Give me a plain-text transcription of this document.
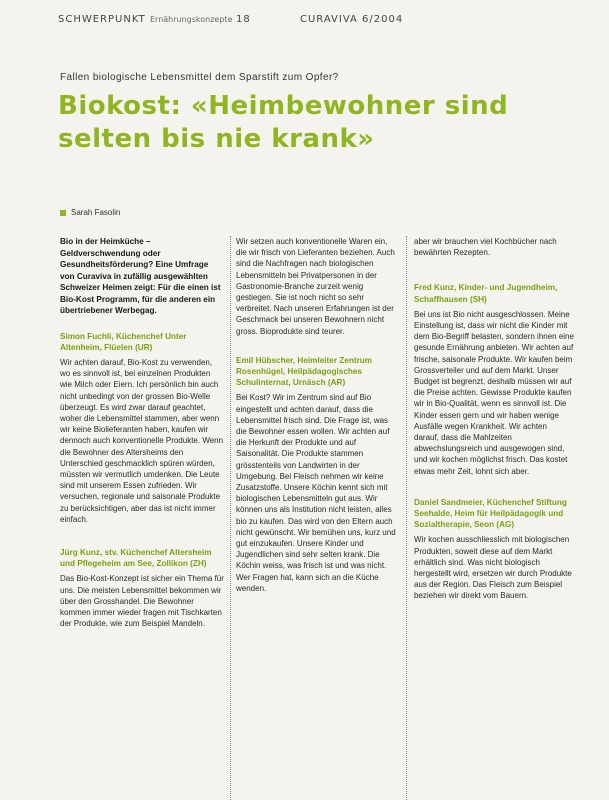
SCHWERPUNKT Ernährungskonzepte 18	CURAVIVA 6/2004
Fallen biologische Lebensmittel dem Sparstift zum Opfer?
Biokost: «Heimbewohner sind
selten bis nie krank»
Sarah Fasolin
Bio in der Heimküche – Geldverschwendung oder Gesundheitsförderung? Eine Umfrage von Curaviva in zufällig ausgewählten Schweizer Heimen zeigt: Für die einen ist Bio-Kost Programm, für die anderen ein übertriebener Werbegag.
Simon Fuchli, Küchenchef Unter Altenheim, Flüelen (UR)

Wir achten darauf, Bio-Kost zu verwenden, wo es sinnvoll ist, bei einzelnen Produkten wie Milch oder Eiern. Ich persönlich bin auch nicht unbedingt von der grossen Bio-Welle überzeugt. Es wird zwar darauf geachtet, woher die Lebensmittel stammen, aber wenn wir keine Biolieferanten haben, kaufen wir dennoch auch konventionelle Produkte. Wenn die Bewohner des Altersheims den Unterschied geschmacklich spüren würden, müssten wir vermutlich umdenken. Die Leute sind mit unserem Essen zufrieden. Wir versuchen, regionale und saisonale Produkte zu berücksichtigen, aber das ist nicht immer einfach.

Jürg Kunz, stv. Küchenchef Altersheim und Pflegeheim am See, Zollikon (ZH)

Das Bio-Kost-Konzept ist sicher ein Thema für uns. Die meisten Lebensmittel bekommen wir über den Grosshandel. Die Bewohner kommen immer wieder fragen mit Tischkarten der Produkte, wie zum Beispiel Mandeln.

Wir setzen auch konventionelle Waren ein, die wir frisch von Lieferanten beziehen. Auch sind die Nachfragen nach biologischen Lebensmitteln bei Privatpersonen in der Gastronomie-Branche zurzeit wenig gestiegen. Sie ist noch nicht so sehr verbreitet. Nach unseren Erfahrungen ist der Geschmack bei unseren Bewohnern nicht gross. Bioprodukte sind teurer.

Emil Hübscher, Heimleiter Zentrum Rosenhügel, Heilpädagogisches Schulinternat, Urnäsch (AR)

Bei Kost? Wir im Zentrum sind auf Bio eingestellt und achten darauf, dass die Lebensmittel frisch sind. Die Frage ist, was die Bewohner essen wollen. Wir achten auf die Herkunft der Produkte und auf Saisonalität. Die Produkte stammen grösstenteils von Landwirten in der Umgebung. Bei Fleisch nehmen wir keine Zusatzstoffe. Unsere Köchin kennt sich mit biologischen Lebensmitteln gut aus. Wir können uns als Institution nicht leisten, alles bio zu kaufen. Das wird von den Eltern auch nicht gewünscht. Wir bemühen uns, kurz und gut einzukaufen. Unsere Kinder und Jugendlichen sind sehr selten krank. Die Köchin weiss, was frisch ist und was nicht. Wer Fragen hat, kann sich an die Küche wenden.

aber wir brauchen viel Kochbücher nach bewährten Rezepten.

Fred Kunz, Kinder- und Jugendheim, Schaffhausen (SH)

Bei uns ist Bio nicht ausgeschlossen. Meine Einstellung ist, dass wir nicht die Kinder mit dem Bio-Begriff belasten, sondern ihnen eine gesunde Ernährung anbieten. Wir achten auf frische, saisonale Produkte. Wir kaufen beim Grossverteiler und auf dem Markt. Unser Budget ist begrenzt, deshalb müssen wir auf die Preise achten. Gewisse Produkte kaufen wir in Bio-Qualität, wenn es sinnvoll ist. Die Kinder essen gern und wir haben wenige Ausfälle wegen Krankheit. Wir achten darauf, dass die Mahlzeiten abwechslungsreich und ausgewogen sind, und wir kochen möglichst frisch. Das kostet etwas mehr Zeit, lohnt sich aber.

Daniel Sandmeier, Küchenchef Stiftung Seehalde, Heim für Heilpädagogik und Sozialtherapie, Seon (AG)

Wir kochen ausschliesslich mit biologischen Produkten, soweit diese auf dem Markt erhältlich sind. Was nicht biologisch hergestellt wird, ersetzen wir durch Produkte aus der Region. Das Fleisch zum Beispiel beziehen wir direkt vom Bauern.
